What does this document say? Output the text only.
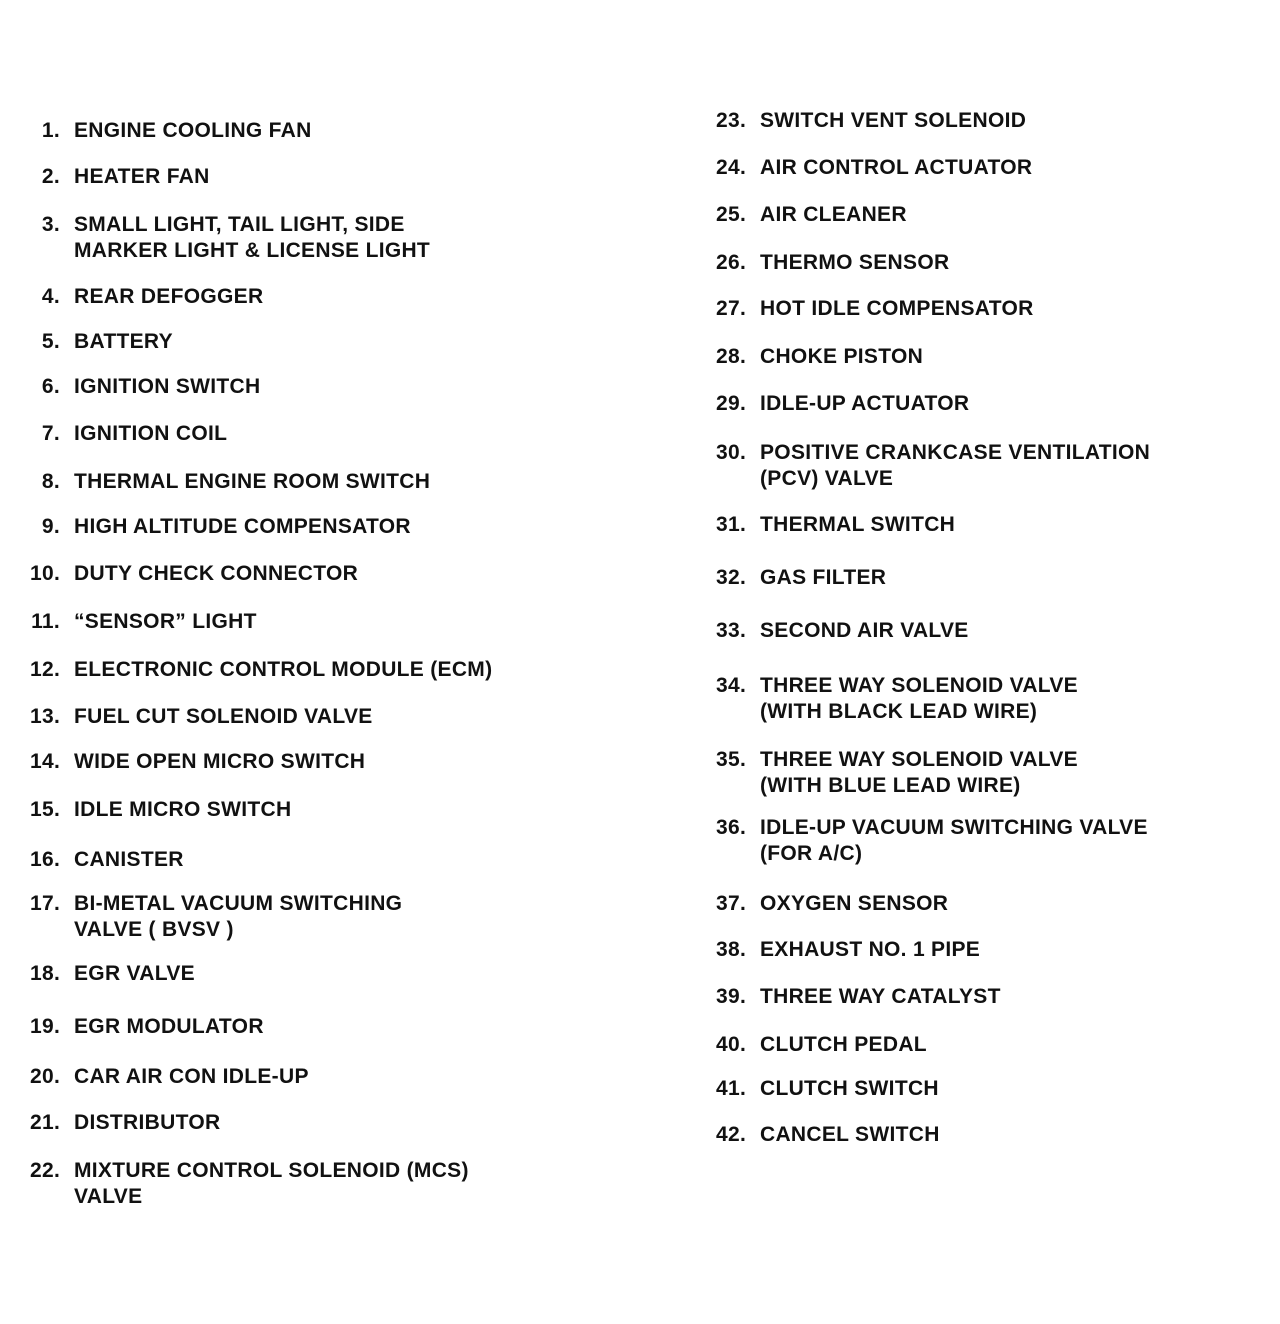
1. ENGINE COOLING FAN
2. HEATER FAN
3. SMALL LIGHT, TAIL LIGHT, SIDE
MARKER LIGHT & LICENSE LIGHT
4. REAR DEFOGGER
5. BATTERY
6. IGNITION SWITCH
7. IGNITION COIL
8. THERMAL ENGINE ROOM SWITCH
9. HIGH ALTITUDE COMPENSATOR
10. DUTY CHECK CONNECTOR
11. “SENSOR” LIGHT
12. ELECTRONIC CONTROL MODULE (ECM)
13. FUEL CUT SOLENOID VALVE
14. WIDE OPEN MICRO SWITCH
15. IDLE MICRO SWITCH
16. CANISTER
17. BI-METAL VACUUM SWITCHING
VALVE ( BVSV )
18. EGR VALVE
19. EGR MODULATOR
20. CAR AIR CON IDLE-UP
21. DISTRIBUTOR
22. MIXTURE CONTROL SOLENOID (MCS)
VALVE
23. SWITCH VENT SOLENOID
24. AIR CONTROL ACTUATOR
25. AIR CLEANER
26. THERMO SENSOR
27. HOT IDLE COMPENSATOR
28. CHOKE PISTON
29. IDLE-UP ACTUATOR
30. POSITIVE CRANKCASE VENTILATION
(PCV) VALVE
31. THERMAL SWITCH
32. GAS FILTER
33. SECOND AIR VALVE
34. THREE WAY SOLENOID VALVE
(WITH BLACK LEAD WIRE)
35. THREE WAY SOLENOID VALVE
(WITH BLUE LEAD WIRE)
36. IDLE-UP VACUUM SWITCHING VALVE
(FOR A/C)
37. OXYGEN SENSOR
38. EXHAUST NO. 1 PIPE
39. THREE WAY CATALYST
40. CLUTCH PEDAL
41. CLUTCH SWITCH
42. CANCEL SWITCH
